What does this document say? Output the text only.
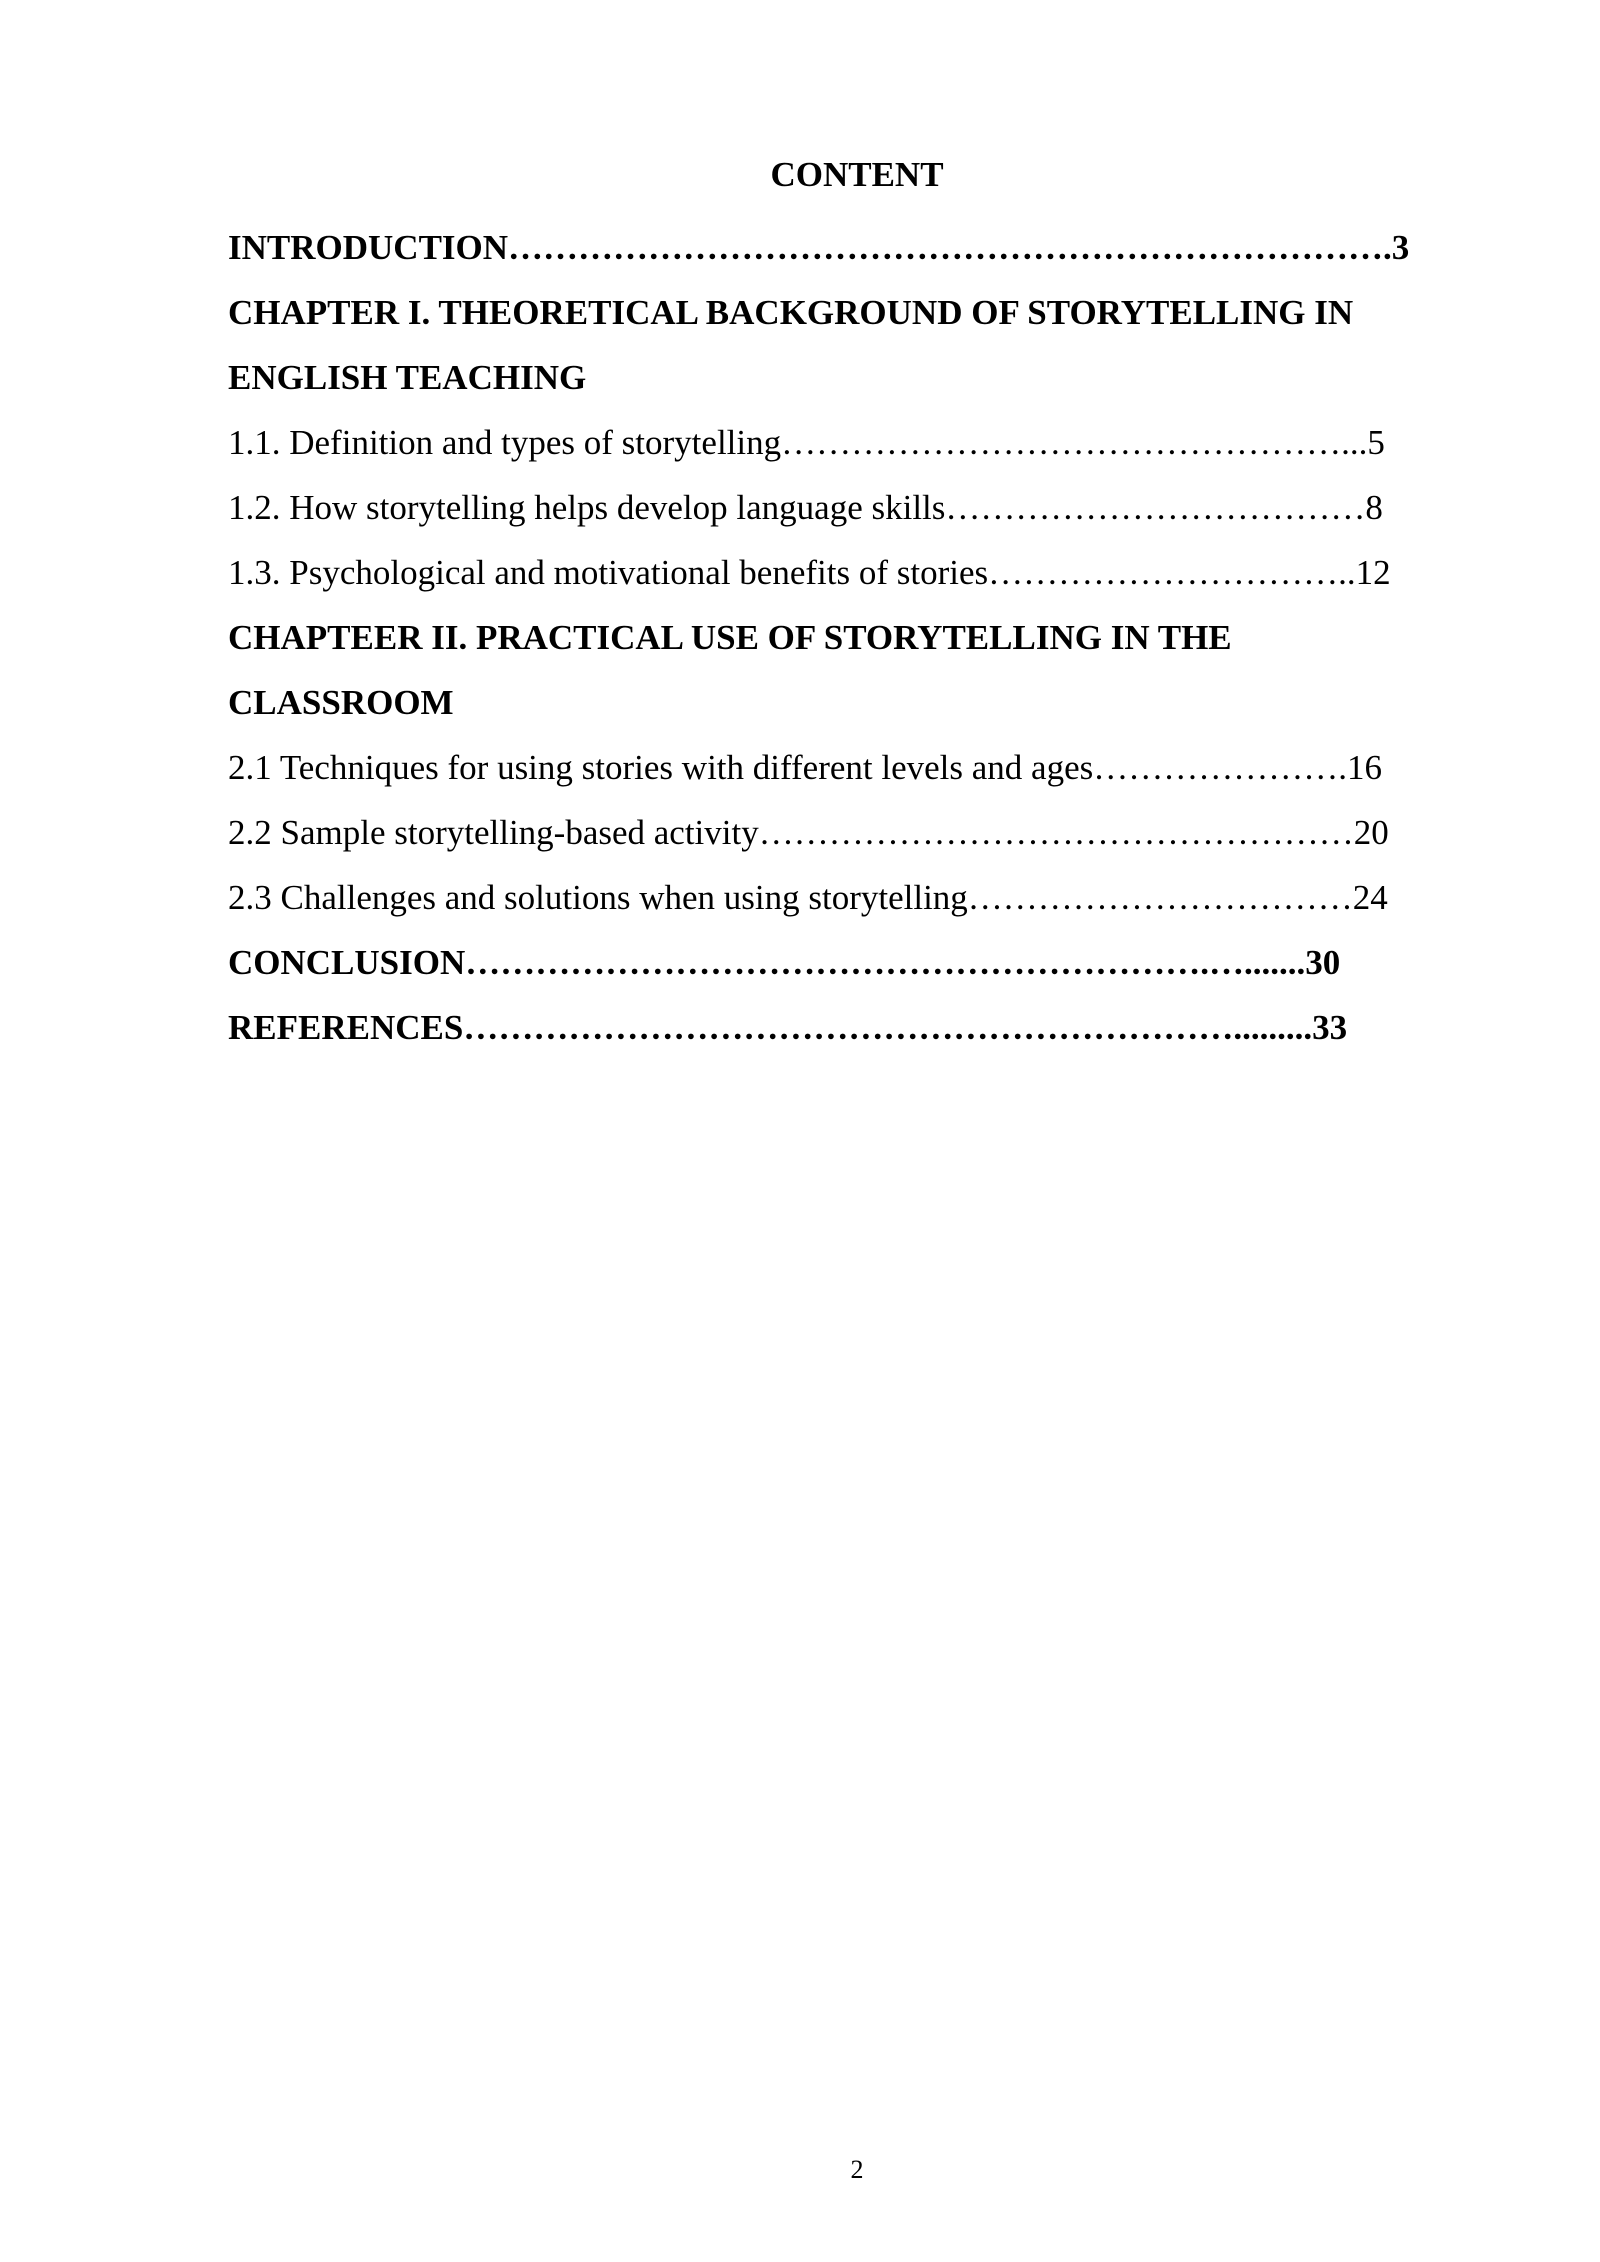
CONTENT
INTRODUCTION………………………………………………………………….3
CHAPTER I. THEORETICAL BACKGROUND OF STORYTELLING IN
ENGLISH TEACHING
1.1. Definition and types of storytelling…………………………………………...5
1.2. How storytelling helps develop language skills………………………………8
1.3. Psychological and motivational benefits of stories…………………………..12
CHAPTEER II. PRACTICAL USE OF STORYTELLING IN THE
CLASSROOM
2.1 Techniques for using stories with different levels and ages………………….16
2.2 Sample storytelling-based activity……………………………………………20
2.3 Challenges and solutions when using storytelling……………………………24
CONCLUSION……………………………………………………….….......30
REFERENCES………………………………………………………….........33
2
